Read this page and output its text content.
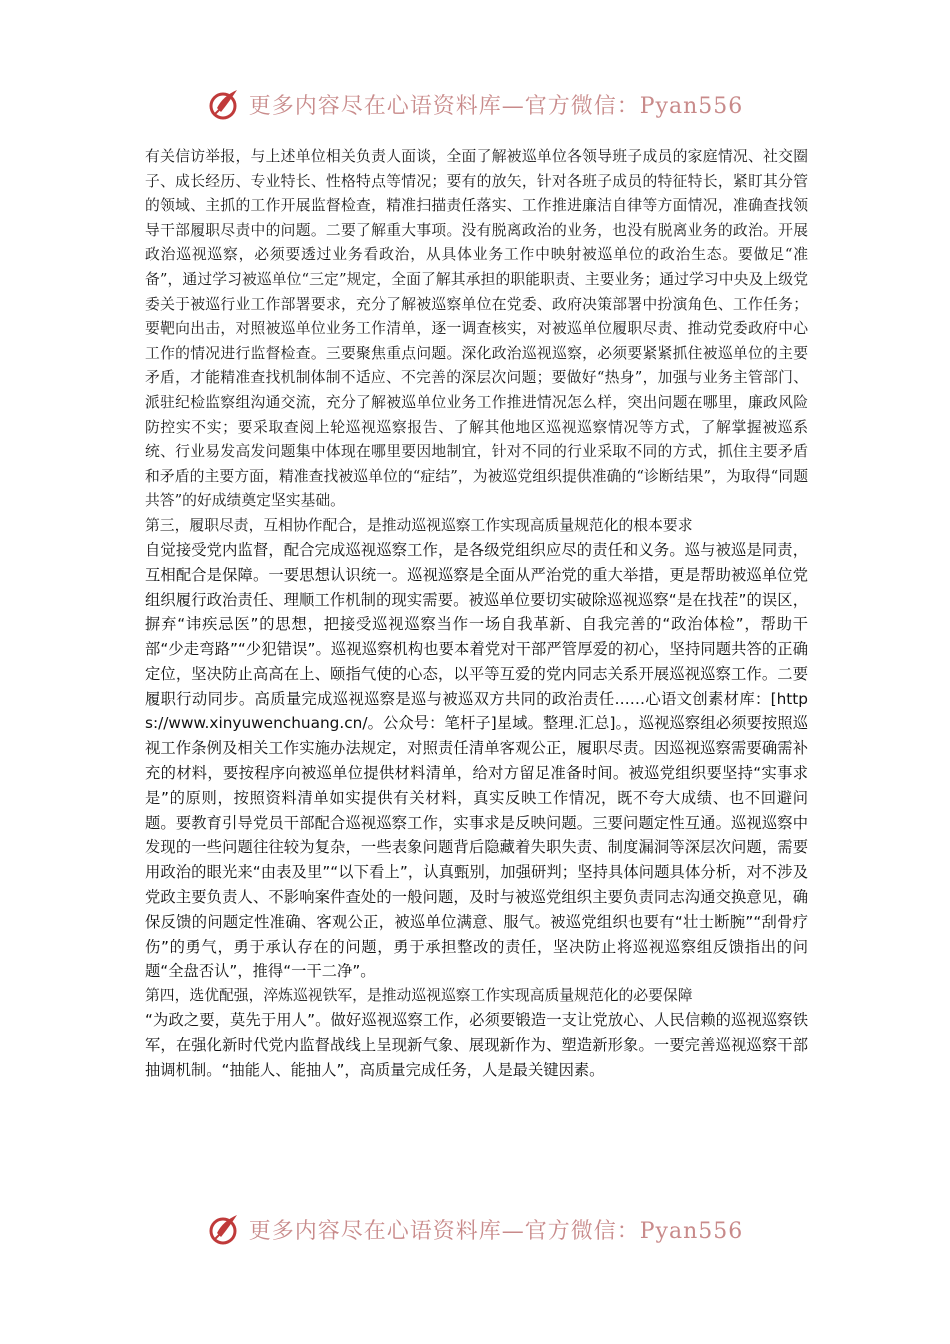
更多内容尽在心语资料库—官方微信：Pyan556

有关信访举报，与上述单位相关负责人面谈，全面了解被巡单位各领导班子成员的家庭情况、社交圈子、成长经历、专业特长、性格特点等情况；要有的放矢，针对各班子成员的特征特长，紧盯其分管的领域、主抓的工作开展监督检查，精准扫描责任落实、工作推进廉洁自律等方面情况，准确查找领导干部履职尽责中的问题。二要了解重大事项。没有脱离政治的业务，也没有脱离业务的政治。开展政治巡视巡察，必须要透过业务看政治，从具体业务工作中映射被巡单位的政治生态。要做足“准备”，通过学习被巡单位“三定”规定，全面了解其承担的职能职责、主要业务；通过学习中央及上级党委关于被巡行业工作部署要求，充分了解被巡察单位在党委、政府决策部署中扮演角色、工作任务；要靶向出击，对照被巡单位业务工作清单，逐一调查核实，对被巡单位履职尽责、推动党委政府中心工作的情况进行监督检查。三要聚焦重点问题。深化政治巡视巡察，必须要紧紧抓住被巡单位的主要矛盾，才能精准查找机制体制不适应、不完善的深层次问题；要做好“热身”，加强与业务主管部门、派驻纪检监察组沟通交流，充分了解被巡单位业务工作推进情况怎么样，突出问题在哪里，廉政风险防控实不实；要采取查阅上轮巡视巡察报告、了解其他地区巡视巡察情况等方式，了解掌握被巡系统、行业易发高发问题集中体现在哪里要因地制宜，针对不同的行业采取不同的方式，抓住主要矛盾和矛盾的主要方面，精准查找被巡单位的“症结”，为被巡党组织提供准确的“诊断结果”，为取得“同题共答”的好成绩奠定坚实基础。

第三，履职尽责，互相协作配合，是推动巡视巡察工作实现高质量规范化的根本要求

自觉接受党内监督，配合完成巡视巡察工作，是各级党组织应尽的责任和义务。巡与被巡是同责，互相配合是保障。一要思想认识统一。巡视巡察是全面从严治党的重大举措，更是帮助被巡单位党组织履行政治责任、理顺工作机制的现实需要。被巡单位要切实破除巡视巡察“是在找茬”的误区，摒弃“讳疾忌医”的思想，把接受巡视巡察当作一场自我革新、自我完善的“政治体检”，帮助干部“少走弯路”“少犯错误”。巡视巡察机构也要本着党对干部严管厚爱的初心，坚持同题共答的正确定位，坚决防止高高在上、颐指气使的心态，以平等互爱的党内同志关系开展巡视巡察工作。二要履职行动同步。高质量完成巡视巡察是巡与被巡双方共同的政治责任……心语文创素材库：[https://www.xinyuwenchuang.cn/。公众号：笔杆子]星域。整理.汇总]。，巡视巡察组必须要按照巡视工作条例及相关工作实施办法规定，对照责任清单客观公正，履职尽责。因巡视巡察需要确需补充的材料，要按程序向被巡单位提供材料清单，给对方留足准备时间。被巡党组织要坚持“实事求是”的原则，按照资料清单如实提供有关材料，真实反映工作情况，既不夸大成绩、也不回避问题。要教育引导党员干部配合巡视巡察工作，实事求是反映问题。三要问题定性互通。巡视巡察中发现的一些问题往往较为复杂，一些表象问题背后隐藏着失职失责、制度漏洞等深层次问题，需要用政治的眼光来“由表及里”“以下看上”，认真甄别，加强研判；坚持具体问题具体分析，对不涉及党政主要负责人、不影响案件查处的一般问题，及时与被巡党组织主要负责同志沟通交换意见，确保反馈的问题定性准确、客观公正，被巡单位满意、服气。被巡党组织也要有“壮士断腕”“刮骨疗伤”的勇气，勇于承认存在的问题，勇于承担整改的责任，坚决防止将巡视巡察组反馈指出的问题“全盘否认”，推得“一干二净”。

第四，选优配强，淬炼巡视铁军，是推动巡视巡察工作实现高质量规范化的必要保障

“为政之要，莫先于用人”。做好巡视巡察工作，必须要锻造一支让党放心、人民信赖的巡视巡察铁军，在强化新时代党内监督战线上呈现新气象、展现新作为、塑造新形象。一要完善巡视巡察干部抽调机制。“抽能人、能抽人”，高质量完成任务，人是最关键因素。

更多内容尽在心语资料库—官方微信：Pyan556
